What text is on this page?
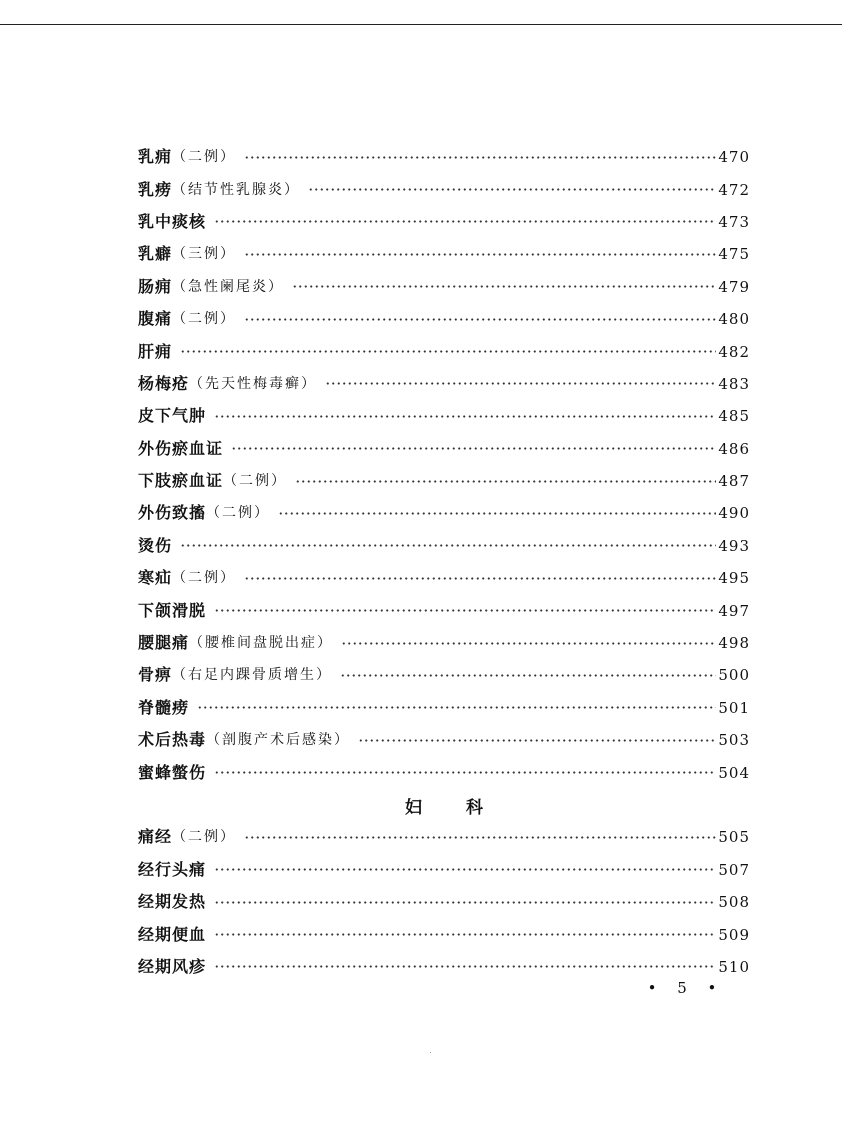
乳痈 （二例）	470
乳痨 （结节性乳腺炎）	472
乳中痰核	473
乳癖 （三例）	475
肠痈 （急性阑尾炎）	479
腹痛 （二例）	480
肝痈	482
杨梅疮 （先天性梅毒癣）	483
皮下气肿	485
外伤瘀血证	486
下肢瘀血证 （二例）	487
外伤致搐 （二例）	490
烫伤	493
寒疝 （二例）	495
下颌滑脱	497
腰腿痛 （腰椎间盘脱出症）	498
骨痹 （右足内踝骨质增生）	500
脊髓痨	501
术后热毒 （剖腹产术后感染）	503
蜜蜂螫伤	504
妇科
痛经 （二例）	505
经行头痛	507
经期发热	508
经期便血	509
经期风疹	510
• 5 •
